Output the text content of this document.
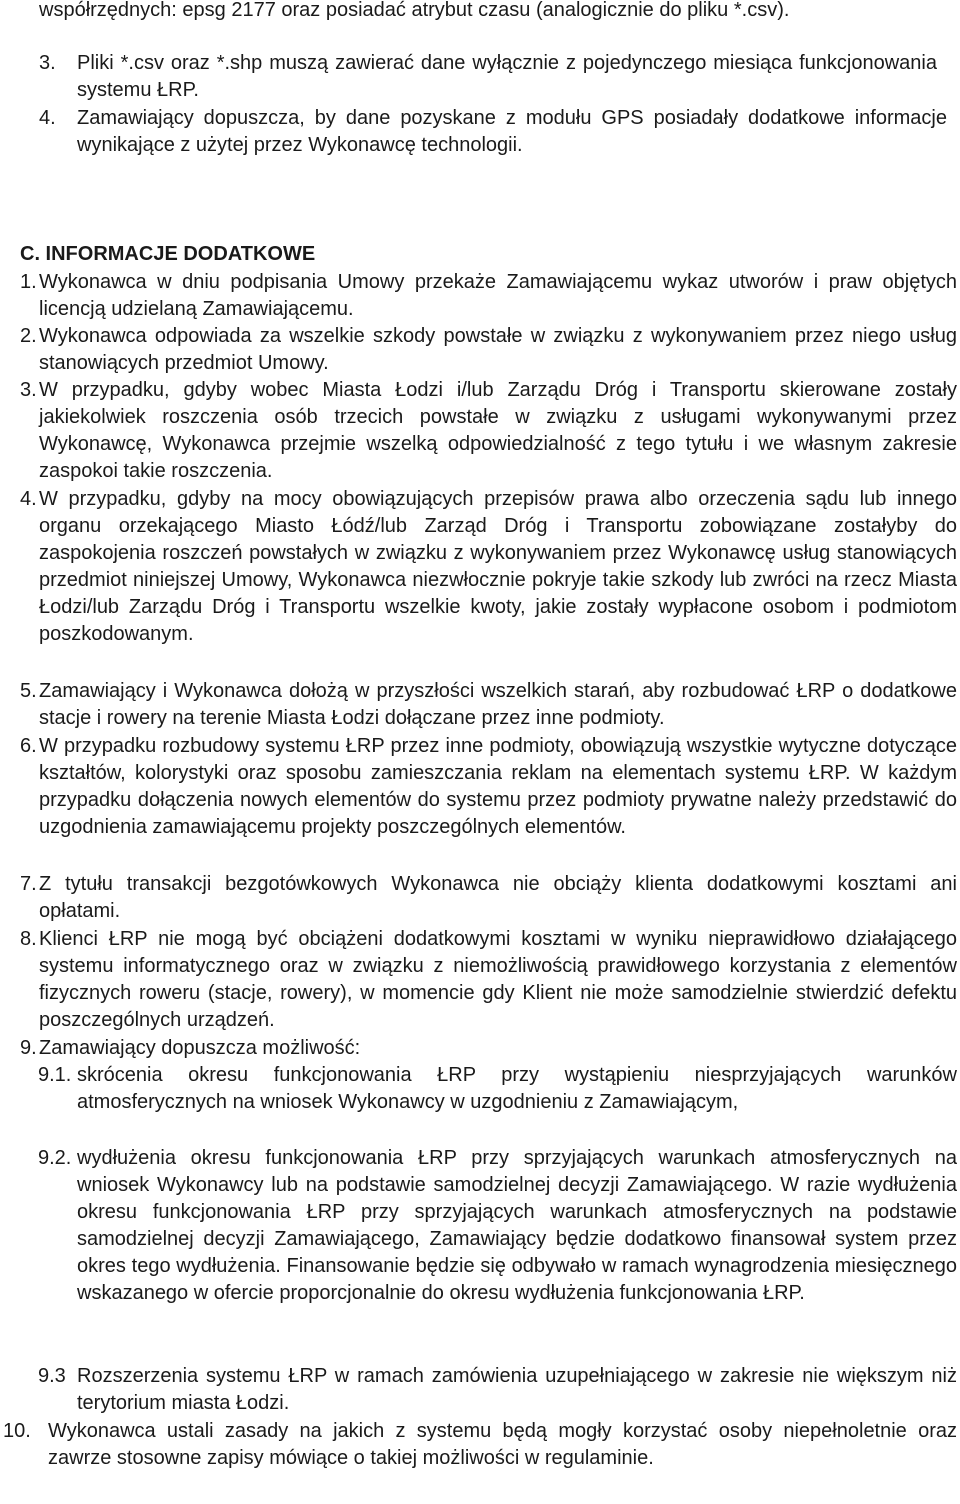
współrzędnych: epsg 2177 oraz posiadać atrybut czasu (analogicznie do pliku *.csv).
3. Pliki *.csv oraz *.shp muszą zawierać dane wyłącznie z pojedynczego miesiąca funkcjonowania systemu ŁRP.
4. Zamawiający dopuszcza, by dane pozyskane z modułu GPS posiadały dodatkowe informacje wynikające z użytej przez Wykonawcę technologii.
C. INFORMACJE DODATKOWE
1. Wykonawca w dniu podpisania Umowy przekaże Zamawiającemu wykaz utworów i praw objętych licencją udzielaną Zamawiającemu.
2. Wykonawca odpowiada za wszelkie szkody powstałe w związku z wykonywaniem przez niego usług stanowiących przedmiot Umowy.
3. W przypadku, gdyby wobec Miasta Łodzi i/lub Zarządu Dróg i Transportu skierowane zostały jakiekolwiek roszczenia osób trzecich powstałe w związku z usługami wykonywanymi przez Wykonawcę, Wykonawca przejmie wszelką odpowiedzialność z tego tytułu i we własnym zakresie zaspokoi takie roszczenia.
4. W przypadku, gdyby na mocy obowiązujących przepisów prawa albo orzeczenia sądu lub innego organu orzekającego Miasto Łódź/lub Zarząd Dróg i Transportu zobowiązane zostałyby do zaspokojenia roszczeń powstałych w związku z wykonywaniem przez Wykonawcę usług stanowiących przedmiot niniejszej Umowy, Wykonawca niezwłocznie pokryje takie szkody lub zwróci na rzecz Miasta Łodzi/lub Zarządu Dróg i Transportu wszelkie kwoty, jakie zostały wypłacone osobom i podmiotom poszkodowanym.
5. Zamawiający i Wykonawca dołożą w przyszłości wszelkich starań, aby rozbudować ŁRP o dodatkowe stacje i rowery na terenie Miasta Łodzi dołączane przez inne podmioty.
6. W przypadku rozbudowy systemu ŁRP przez inne podmioty, obowiązują wszystkie wytyczne dotyczące kształtów, kolorystyki oraz sposobu zamieszczania reklam na elementach systemu ŁRP. W każdym przypadku dołączenia nowych elementów do systemu przez podmioty prywatne należy przedstawić do uzgodnienia zamawiającemu projekty poszczególnych elementów.
7. Z tytułu transakcji bezgotówkowych Wykonawca nie obciąży klienta dodatkowymi kosztami ani opłatami.
8. Klienci ŁRP nie mogą być obciążeni dodatkowymi kosztami w wyniku nieprawidłowo działającego systemu informatycznego oraz w związku z niemożliwością prawidłowego korzystania z elementów fizycznych roweru (stacje, rowery), w momencie gdy Klient nie może samodzielnie stwierdzić defektu poszczególnych urządzeń.
9. Zamawiający dopuszcza możliwość:
9.1. skrócenia okresu funkcjonowania ŁRP przy wystąpieniu niesprzyjających warunków atmosferycznych na wniosek Wykonawcy w uzgodnieniu z Zamawiającym,
9.2. wydłużenia okresu funkcjonowania ŁRP przy sprzyjających warunkach atmosferycznych na wniosek Wykonawcy lub na podstawie samodzielnej decyzji Zamawiającego. W razie wydłużenia okresu funkcjonowania ŁRP przy sprzyjających warunkach atmosferycznych na podstawie samodzielnej decyzji Zamawiającego, Zamawiający będzie dodatkowo finansował system przez okres tego wydłużenia. Finansowanie będzie się odbywało w ramach wynagrodzenia miesięcznego wskazanego w ofercie proporcjonalnie do okresu wydłużenia funkcjonowania ŁRP.
9.3 Rozszerzenia systemu ŁRP w ramach zamówienia uzupełniającego w zakresie nie większym niż terytorium miasta Łodzi.
10. Wykonawca ustali zasady na jakich z systemu będą mogły korzystać osoby niepełnoletnie oraz zawrze stosowne zapisy mówiące o takiej możliwości w regulaminie.
